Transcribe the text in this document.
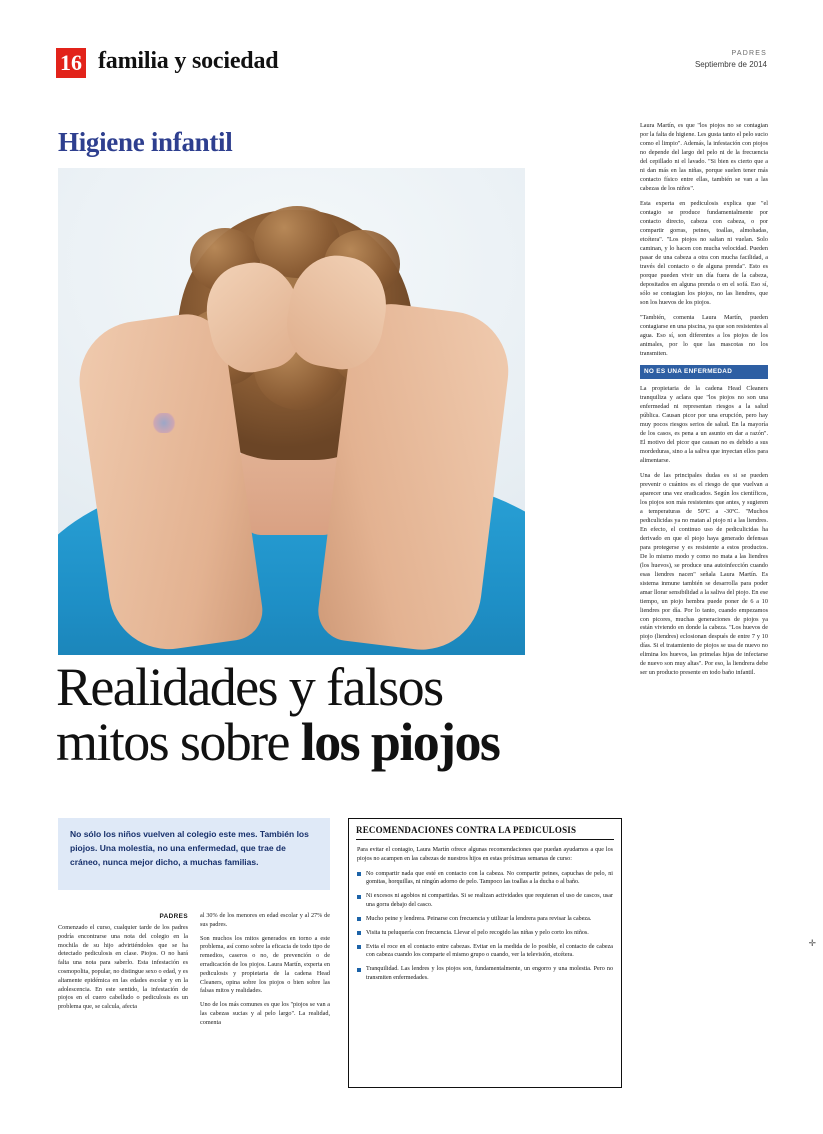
16 familia y sociedad	PADRES
Septiembre de 2014
Higiene infantil
Realidades y falsos
mitos sobre los piojos
No sólo los niños vuelven al colegio este mes. También los piojos. Una molestia, no una enfermedad, que trae de cráneo, nunca mejor dicho, a muchas familias.
PADRES

Comenzado el curso, cualquier tarde de los padres podría encontrarse una nota del colegio en la mochila de su hijo advirtiéndoles que se ha detectado pediculosis en clase. Piojos. O no hará falta una nota para saberlo. Esta infestación es cosmopolita, popular, no distingue sexo o edad, y es altamente epidémica en las edades escolar y en la adolescencia. En este sentido, la infestación de piojos en el cuero cabelludo o pediculosis es un problema que, se calcula, afecta

al 30% de los menores en edad escolar y al 27% de sus padres.

Son muchos los mitos generados en torno a este problema, así como sobre la eficacia de todo tipo de remedios, caseros o no, de prevención o de erradicación de los piojos. Laura Martín, experta en pediculosis y propietaria de la cadena Head Cleaners, opina sobre los piojos o bien sobre las falsas mitos y realidades.

Uno de los más comunes es que los "piojos se van a las cabezas sucias y al pelo largo". La realidad, comenta

RECOMENDACIONES CONTRA LA PEDICULOSIS
Para evitar el contagio, Laura Martín ofrece algunas recomendaciones que puedan ayudarnos a que los piojos no acampen en las cabezas de nuestros hijos en estas próximas semanas de curso:
No compartir nada que esté en contacto con la cabeza. No compartir peines, capuchas de pelo, ni gomitas, horquillas, ni ningún adorno de pelo. Tampoco las toallas a la ducha o al baño.
Ni excesos ni agobios ni compartidas. Si se realizan actividades que requieran el uso de cascos, usar una gorra debajo del casco.
Mucho peine y lendrera. Peinarse con frecuencia y utilizar la lendrera para revisar la cabeza.
Visita tu peluquería con frecuencia. Llevar el pelo recogido las niñas y pelo corto los niños.
Evita el roce en el contacto entre cabezas. Evitar en la medida de lo posible, el contacto de cabeza con cabeza cuando los comparte el mismo grupo o cuando, ver la televisión, etcétera.
Tranquilidad. Las lendres y los piojos son, fundamentalmente, un engorro y una molestia. Pero no transmiten enfermedades.

Laura Martín, es que "los piojos no se contagian por la falta de higiene. Les gusta tanto el pelo sucio como el limpio". Además, la infestación con piojos no depende del largo del pelo ni de la frecuencia del cepillado ni el lavado. "Si bien es cierto que a ni dan más en las niñas, porque suelen tener más contacto físico entre ellas, también se van a las cabezas de los niños".

Esta experta en pediculosis explica que "el contagio se produce fundamentalmente por contacto directo, cabeza con cabeza, o por compartir gorras, peines, toallas, almohadas, etcétera". "Los piojos no saltan ni vuelan. Solo caminan, y lo hacen con mucha velocidad. Pueden pasar de una cabeza a otra con mucha facilidad, a través del contacto o de alguna prenda". Esto es porque pueden vivir un día fuera de la cabeza, depositados en alguna prenda o en el sofá. Eso sí, sólo se contagian los piojos, no las liendres, que son los huevos de los piojos.

"También, comenta Laura Martín, pueden contagiarse en una piscina, ya que son resistentes al agua. Eso sí, son diferentes a los piojos de los animales, por lo que las mascotas no los transmiten.

NO ES UNA ENFERMEDAD

La propietaria de la cadena Head Cleaners tranquiliza y aclara que "los piojos no son una enfermedad ni representan riesgos a la salud pública. Causan picor por una erupción, pero hay muy pocos riesgos serios de salud. En la mayoría de los casos, es pena a un asunto en dar a razón". El motivo del picor que causan no es debido a sus mordeduras, sino a la saliva que inyectan ellos para alimentarse.

Una de las principales dudas es si se pueden prevenir o cuántos es el riesgo de que vuelvan a aparecer una vez eradicados. Según los científicos, los piojos son más resistentes que antes, y sugieren a temperaturas de 50ºC a -30ºC. "Muchos pediculicidas ya no matan al piojo ni a las liendres. En efecto, el continuo uso de pediculicidas ha derivado en que el piojo haya generado defensas para protegerse y es resistente a estos productos. De lo mismo modo y como no mata a las liendres (los huevos), se produce una autoinfección cuando esas liendres nacen" señala Laura Martín. Es sistema inmune también se desarrolla para poder amar llorar sensibilidad a la saliva del piojo. En ese tiempo, un piojo hembra puede poner de 6 a 10 liendres por día. Por lo tanto, cuando empezamos con picores, muchas generaciones de piojos ya están viviendo en donde la cabeza. "Los huevos de piojo (liendres) eclosionan después de entre 7 y 10 días. Si el tratamiento de piojos se usa de nuevo no elimina los huevos, las primelas hijas de infectarse de nuevo son muy altas". Por eso, la liendrera debe ser un producto presente en todo baño infantil.

✛
